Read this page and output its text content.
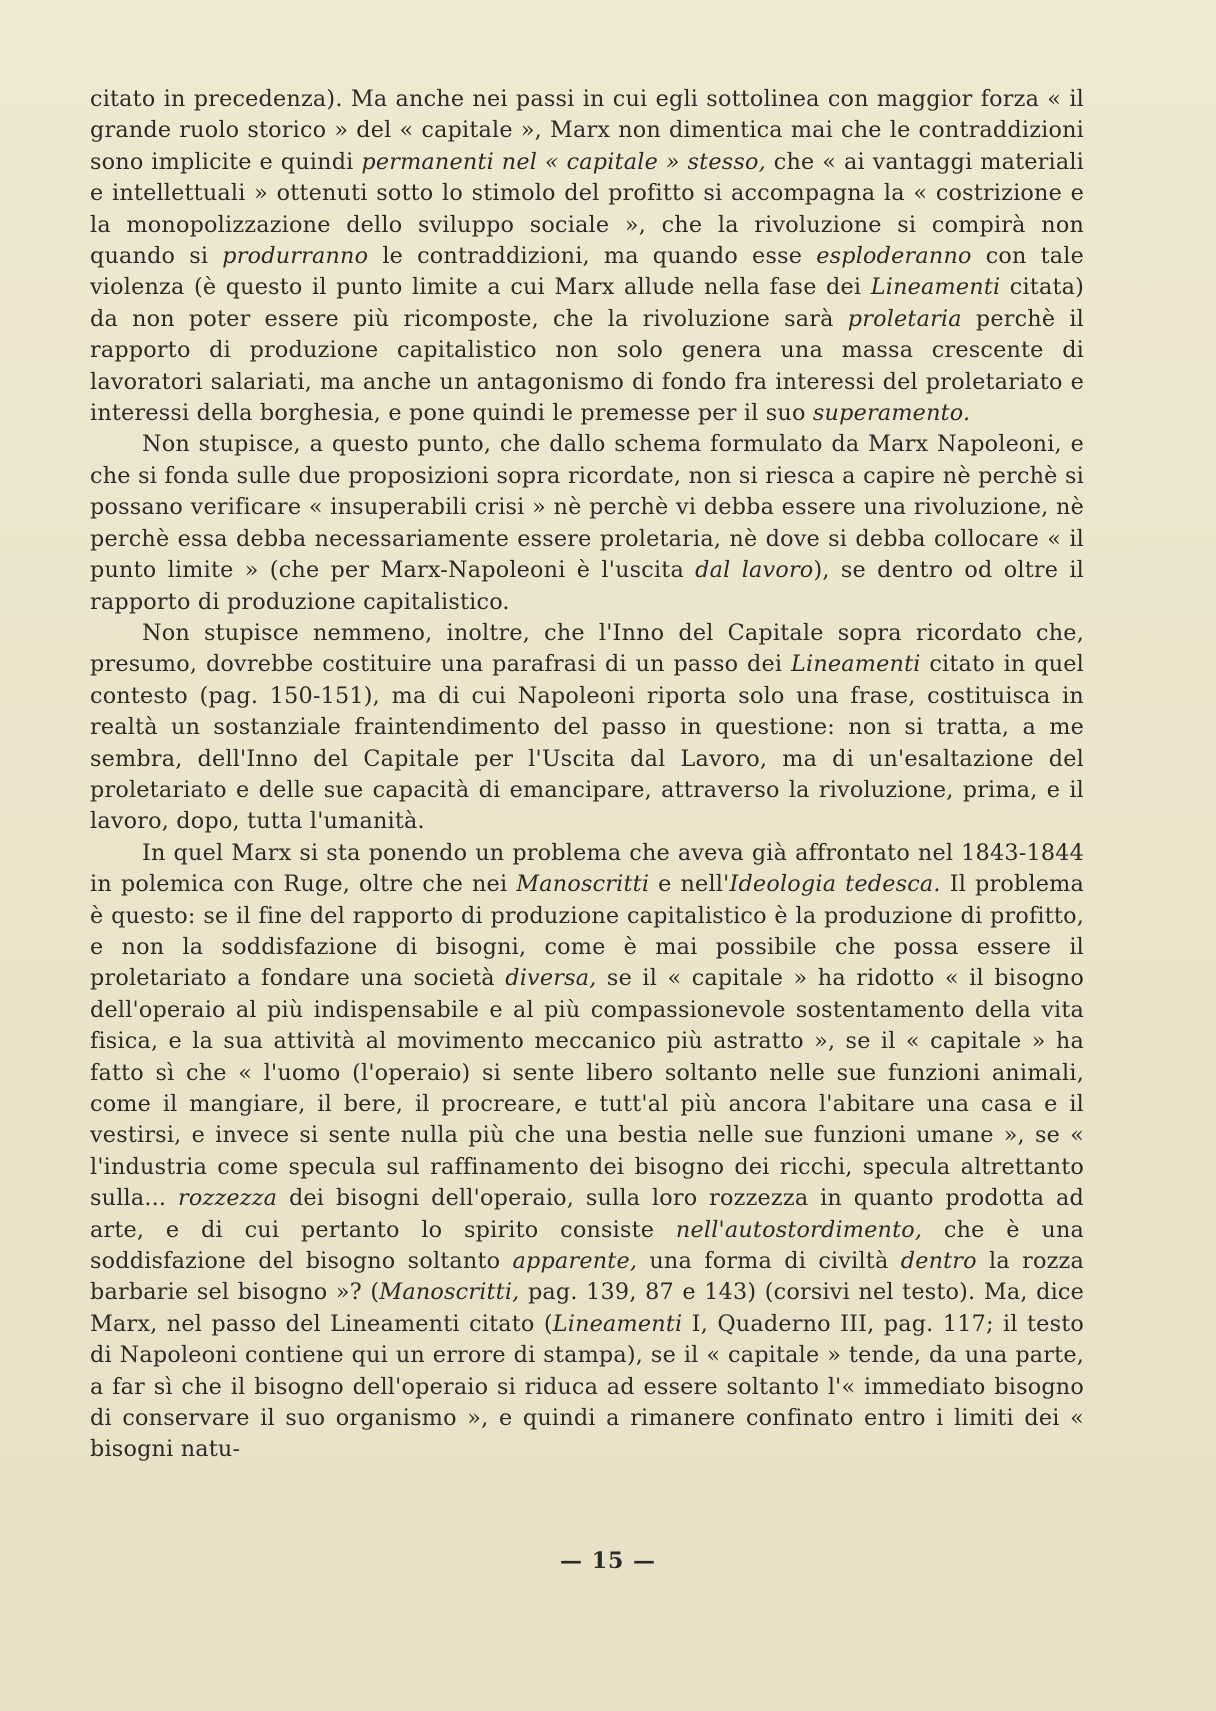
citato in precedenza). Ma anche nei passi in cui egli sottolinea con maggior forza « il grande ruolo storico » del « capitale », Marx non dimentica mai che le contraddizioni sono implicite e quindi permanenti nel « capitale » stesso, che « ai vantaggi materiali e intellettuali » ottenuti sotto lo stimolo del profitto si accompagna la « costrizione e la monopolizzazione dello sviluppo sociale », che la rivoluzione si compirà non quando si produrranno le contraddizioni, ma quando esse esploderanno con tale violenza (è questo il punto limite a cui Marx allude nella fase dei Lineamenti citata) da non poter essere più ricomposte, che la rivoluzione sarà proletaria perchè il rapporto di produzione capitalistico non solo genera una massa crescente di lavoratori salariati, ma anche un antagonismo di fondo fra interessi del proletariato e interessi della borghesia, e pone quindi le premesse per il suo superamento.

Non stupisce, a questo punto, che dallo schema formulato da Marx Napoleoni, e che si fonda sulle due proposizioni sopra ricordate, non si riesca a capire nè perchè si possano verificare « insuperabili crisi » nè perchè vi debba essere una rivoluzione, nè perchè essa debba necessariamente essere proletaria, nè dove si debba collocare « il punto limite » (che per Marx-Napoleoni è l'uscita dal lavoro), se dentro od oltre il rapporto di produzione capitalistico.

Non stupisce nemmeno, inoltre, che l'Inno del Capitale sopra ricordato che, presumo, dovrebbe costituire una parafrasi di un passo dei Lineamenti citato in quel contesto (pag. 150-151), ma di cui Napoleoni riporta solo una frase, costituisca in realtà un sostanziale fraintendimento del passo in questione: non si tratta, a me sembra, dell'Inno del Capitale per l'Uscita dal Lavoro, ma di un'esaltazione del proletariato e delle sue capacità di emancipare, attraverso la rivoluzione, prima, e il lavoro, dopo, tutta l'umanità.

In quel Marx si sta ponendo un problema che aveva già affrontato nel 1843-1844 in polemica con Ruge, oltre che nei Manoscritti e nell'Ideologia tedesca. Il problema è questo: se il fine del rapporto di produzione capitalistico è la produzione di profitto, e non la soddisfazione di bisogni, come è mai possibile che possa essere il proletariato a fondare una società diversa, se il « capitale » ha ridotto « il bisogno dell'operaio al più indispensabile e al più compassionevole sostentamento della vita fisica, e la sua attività al movimento meccanico più astratto », se il « capitale » ha fatto sì che « l'uomo (l'operaio) si sente libero soltanto nelle sue funzioni animali, come il mangiare, il bere, il procreare, e tutt'al più ancora l'abitare una casa e il vestirsi, e invece si sente nulla più che una bestia nelle sue funzioni umane », se « l'industria come specula sul raffinamento dei bisogno dei ricchi, specula altrettanto sulla... rozzezza dei bisogni dell'operaio, sulla loro rozzezza in quanto prodotta ad arte, e di cui pertanto lo spirito consiste nell'autostordimento, che è una soddisfazione del bisogno soltanto apparente, una forma di civiltà dentro la rozza barbarie sel bisogno »? (Manoscritti, pag. 139, 87 e 143) (corsivi nel testo). Ma, dice Marx, nel passo del Lineamenti citato (Lineamenti I, Quaderno III, pag. 117; il testo di Napoleoni contiene qui un errore di stampa), se il « capitale » tende, da una parte, a far sì che il bisogno dell'operaio si riduca ad essere soltanto l'« immediato bisogno di conservare il suo organismo », e quindi a rimanere confinato entro i limiti dei « bisogni natu-

— 15 —
